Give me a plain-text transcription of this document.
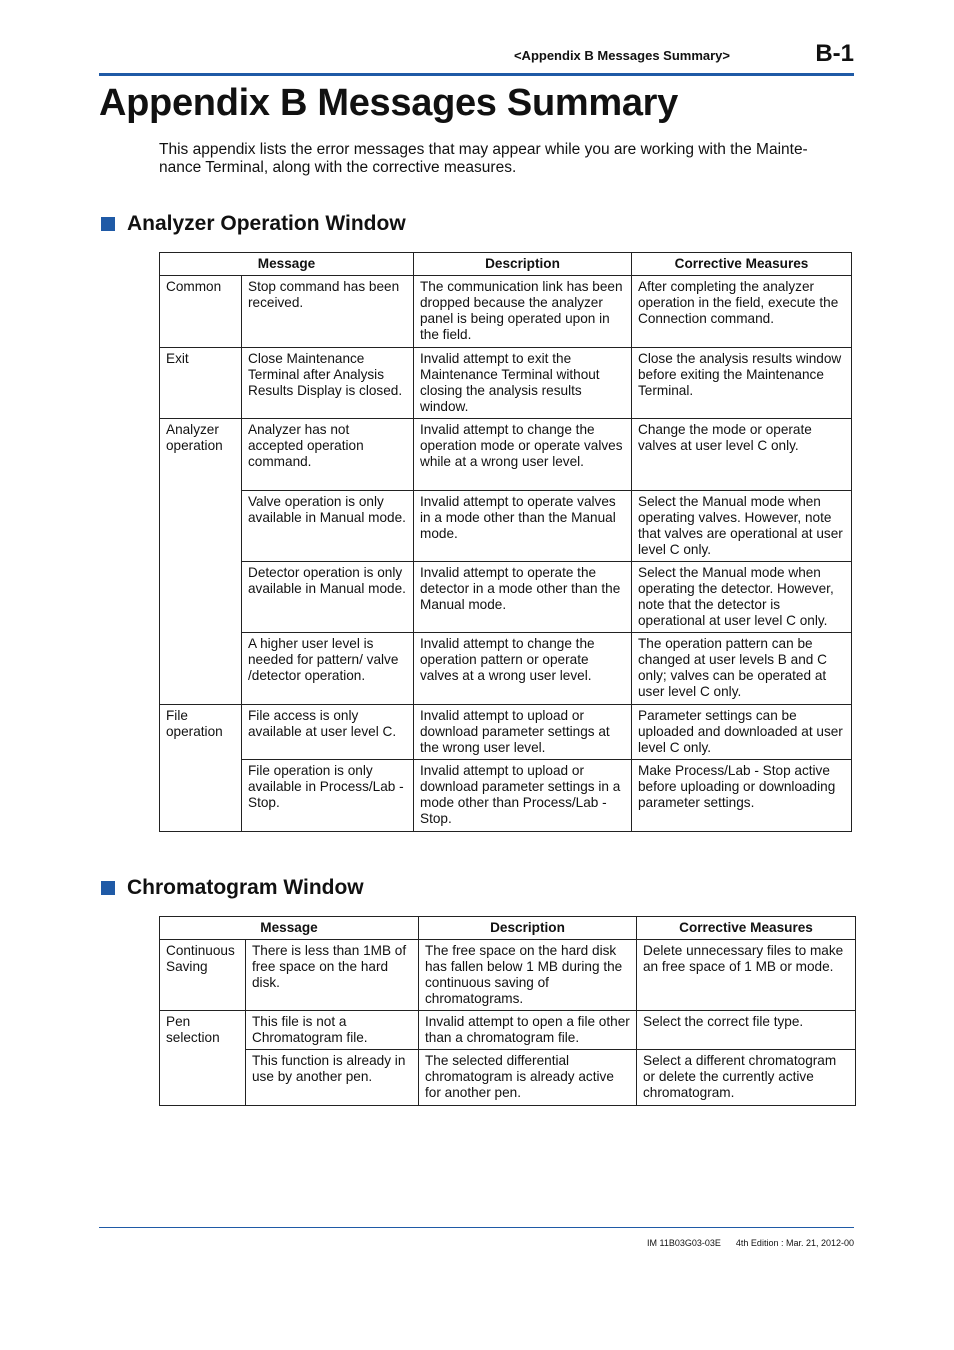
<Appendix B Messages Summary>	B-1
Appendix B Messages Summary

This appendix lists the error messages that may appear while you are working with the Mainte- nance Terminal, along with the corrective measures.

Analyzer Operation Window
Message		Description	Corrective Measures
Common	Stop command has been received.	The communication link has been dropped because the analyzer panel is being operated upon in the field.	After completing the analyzer operation in the field, execute the Connection command.
Exit	Close Maintenance Terminal after Analysis Results Display is closed.	Invalid attempt to exit the Maintenance Terminal without closing the analysis results window.	Close the analysis results window before exiting the Maintenance Terminal.
Analyzer operation	Analyzer has not accepted operation command.	Invalid attempt to change the operation mode or operate valves while at a wrong user level.	Change the mode or operate valves at user level C only.
	Valve operation is only available in Manual mode.	Invalid attempt to operate valves in a mode other than the Manual mode.	Select the Manual mode when operating valves. However, note that valves are operational at user level C only.
	Detector operation is only available in Manual mode.	Invalid attempt to operate the detector in a mode other than the Manual mode.	Select the Manual mode when operating the detector. However, note that the detector is operational at user level C only.
	A higher user level is needed for pattern/ valve /detector operation.	Invalid attempt to change the operation pattern or operate valves at a wrong user level.	The operation pattern can be changed at user levels B and C only; valves can be operated at user level C only.
File operation	File access is only available at user level C.	Invalid attempt to upload or download parameter settings at the wrong user level.	Parameter settings can be uploaded and downloaded at user level C only.
	File operation is only available in Process/Lab - Stop.	Invalid attempt to upload or download parameter settings in a mode other than Process/Lab - Stop.	Make Process/Lab - Stop active before uploading or downloading parameter settings.
Chromatogram Window
Message		Description	Corrective Measures
Continuous Saving	There is less than 1MB of free space on the hard disk.	The free space on the hard disk has fallen below 1 MB during the continuous saving of chromatograms.	Delete unnecessary files to make an free space of 1 MB or mode.
Pen selection	This file is not a Chromatogram file.	Invalid attempt to open a file other than a chromatogram file.	Select the correct file type.
	This function is already in use by another pen.	The selected differential chromatogram is already active for another pen.	Select a different chromatogram or delete the currently active chromatogram.
IM 11B03G03-03E 4th Edition : Mar. 21, 2012-00
